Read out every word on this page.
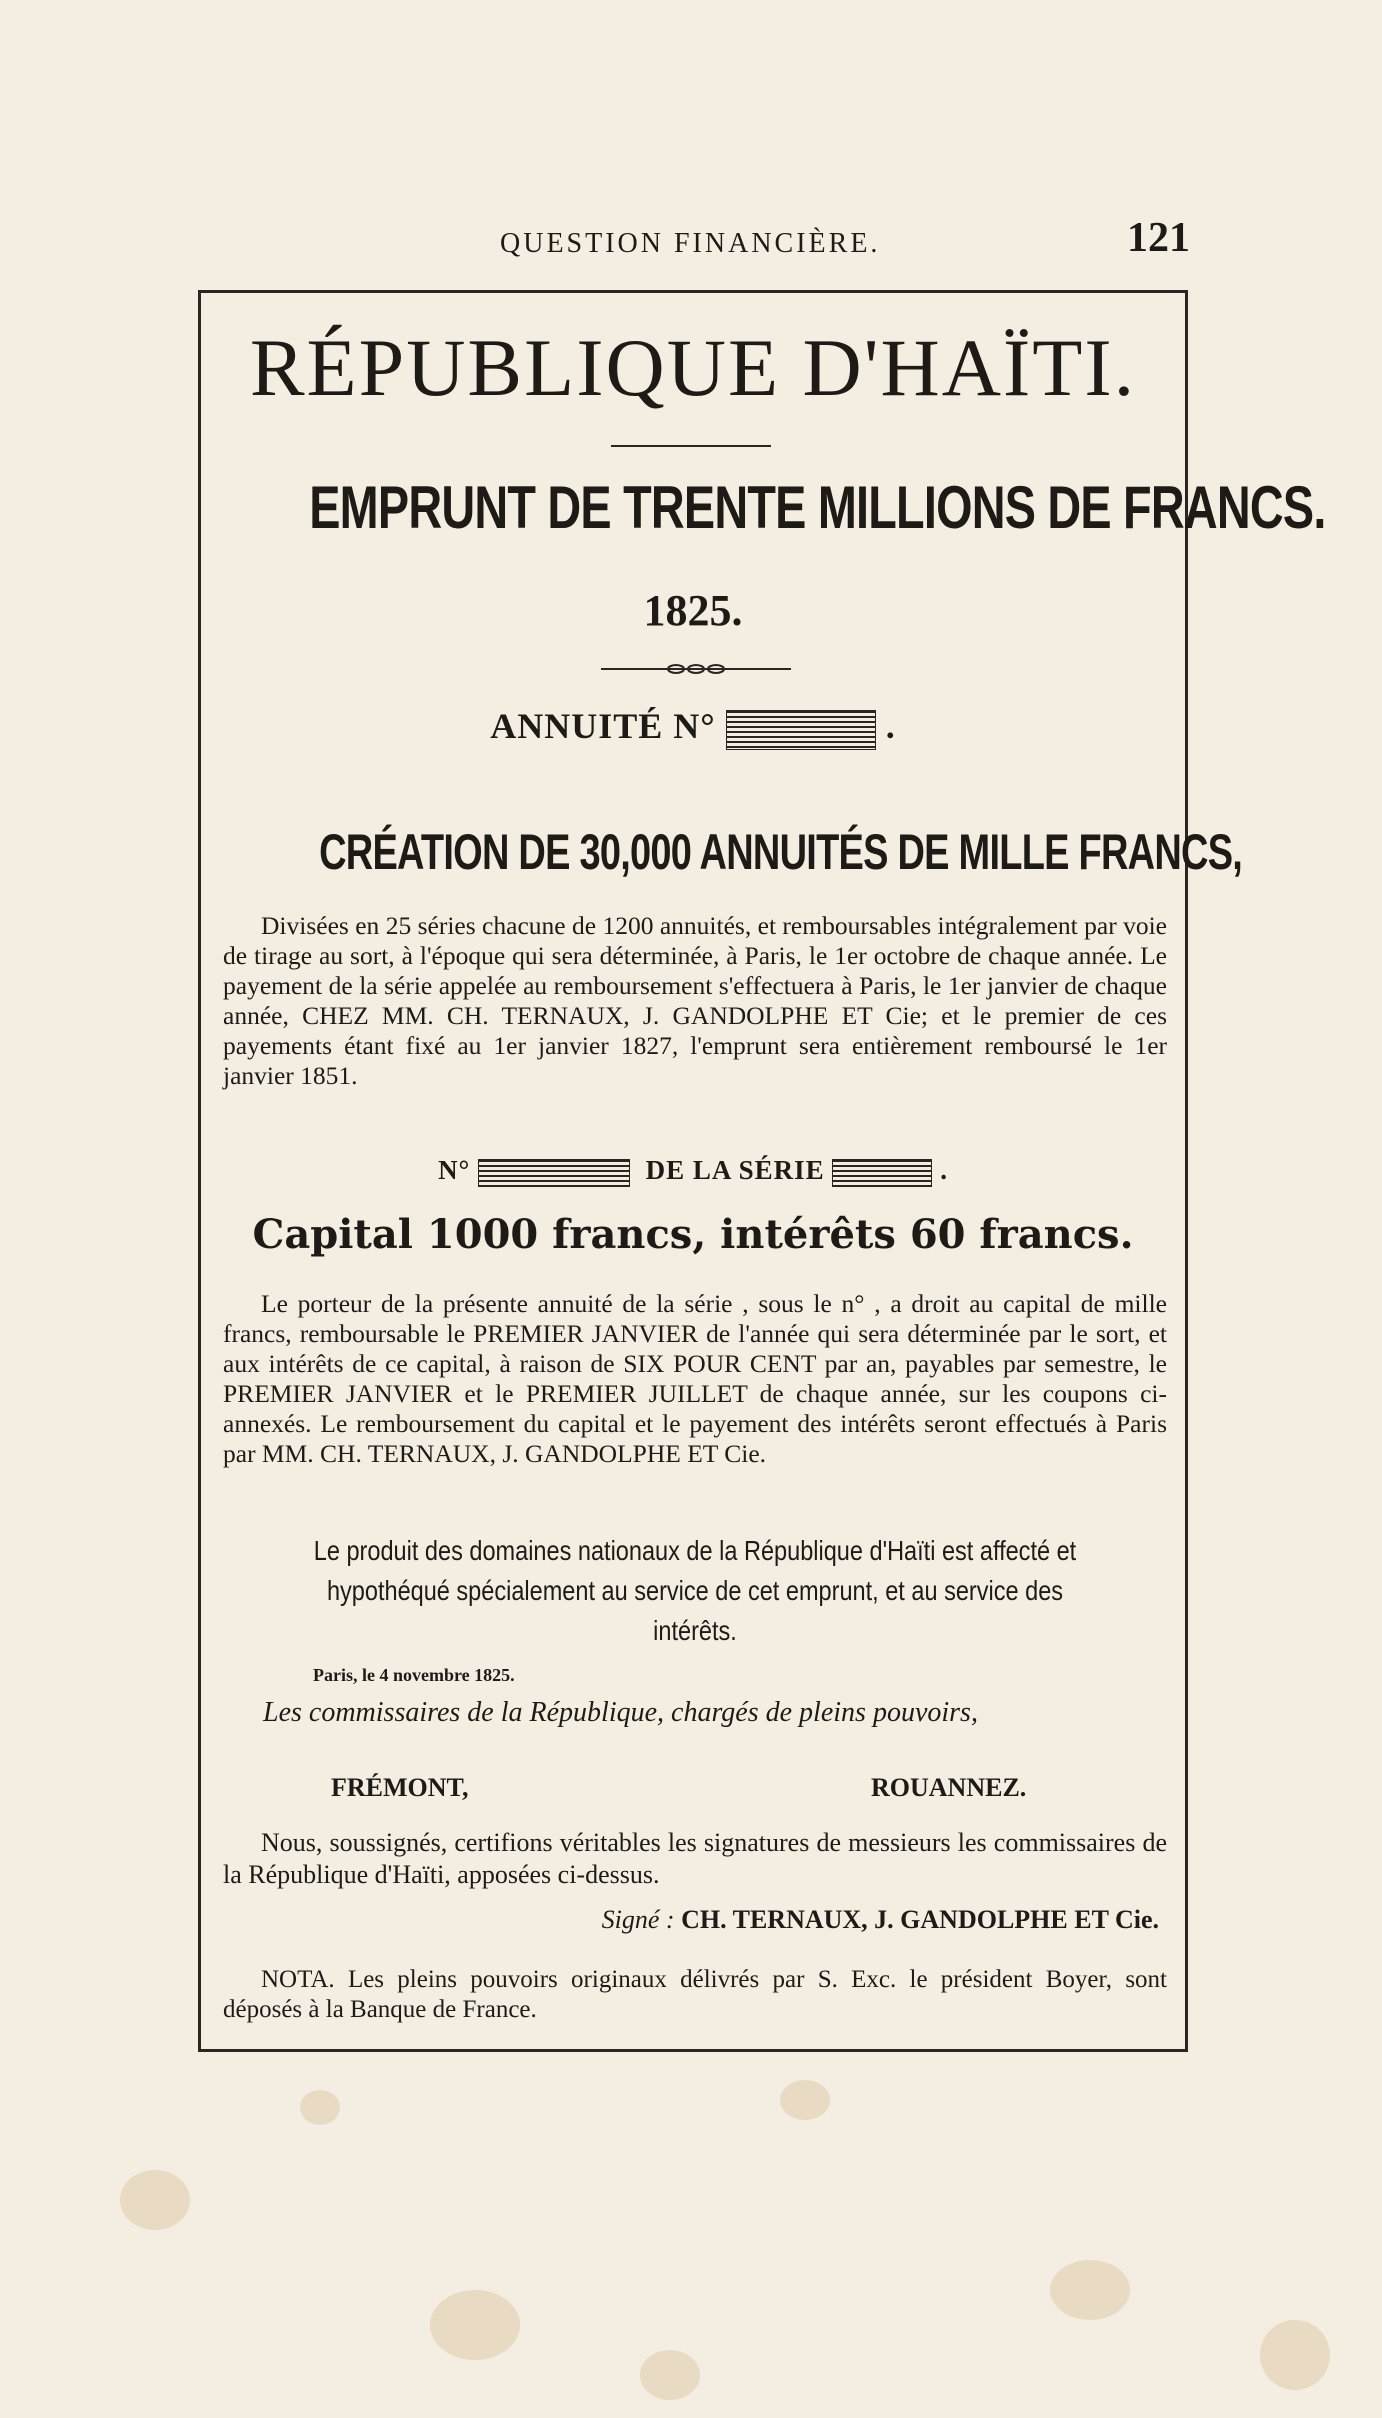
QUESTION FINANCIÈRE.	121
RÉPUBLIQUE D'HAÏTI.
EMPRUNT DE TRENTE MILLIONS DE FRANCS.
1825.
ANNUITÉ N°	.
CRÉATION DE 30,000 ANNUITÉS DE MILLE FRANCS,
Divisées en 25 séries chacune de 1200 annuités, et remboursables intégralement par voie de tirage au sort, à l'époque qui sera déterminée, à Paris, le 1er octobre de chaque année. Le payement de la série appelée au remboursement s'effectuera à Paris, le 1er janvier de chaque année, CHEZ MM. CH. TERNAUX, J. GANDOLPHE ET Cie; et le premier de ces payements étant fixé au 1er janvier 1827, l'emprunt sera entièrement remboursé le 1er janvier 1851.
N°	DE LA SÉRIE	.
Capital 1000 francs, intérêts 60 francs.
Le porteur de la présente annuité de la série , sous le n° , a droit au capital de mille francs, remboursable le PREMIER JANVIER de l'année qui sera déterminée par le sort, et aux intérêts de ce capital, à raison de SIX POUR CENT par an, payables par semestre, le PREMIER JANVIER et le PREMIER JUILLET de chaque année, sur les coupons ci-annexés. Le remboursement du capital et le payement des intérêts seront effectués à Paris par MM. CH. TERNAUX, J. GANDOLPHE ET Cie.
Le produit des domaines nationaux de la République d'Haïti est affecté et hypothéqué spécialement au service de cet emprunt, et au service des intérêts.
Paris, le 4 novembre 1825.
Les commissaires de la République, chargés de pleins pouvoirs,
FRÉMONT,	ROUANNEZ.
Nous, soussignés, certifions véritables les signatures de messieurs les commissaires de la République d'Haïti, apposées ci-dessus.
Signé : CH. TERNAUX, J. GANDOLPHE ET Cie.
NOTA. Les pleins pouvoirs originaux délivrés par S. Exc. le président Boyer, sont déposés à la Banque de France.
